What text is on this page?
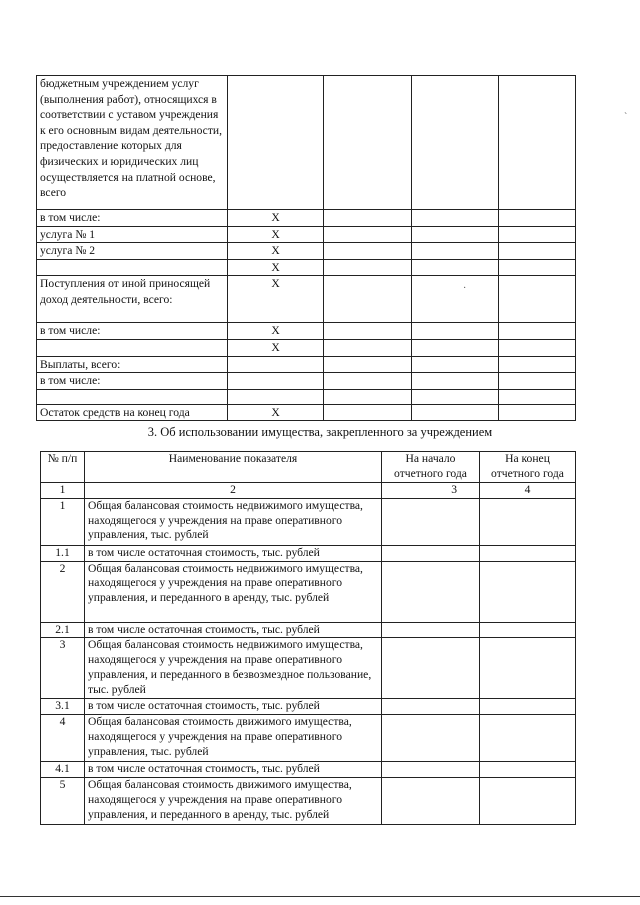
бюджетным учреждением услуг (выполнения работ), относящихся в соответствии с уставом учреждения к его основным видам деятельности, предоставление которых для физических и юридических лиц осуществляется на платной основе, всего				
в том числе:	X			
услуга № 1	X			
услуга № 2	X			
	X			
Поступления от иной приносящей доход деятельности, всего:	X			
в том числе:	X			
	X			
Выплаты, всего:				
в том числе:				

Остаток средств на конец года	X			
3. Об использовании имущества, закрепленного за учреждением
№ п/п	Наименование показателя	На начало отчетного года	На конец отчетного года
1	2	3	4
1	Общая балансовая стоимость недвижимого имущества, находящегося у учреждения на праве оперативного управления, тыс. рублей		
1.1	в том числе остаточная стоимость, тыс. рублей		
2	Общая балансовая стоимость недвижимого имущества, находящегося у учреждения на праве оперативного управления, и переданного в аренду, тыс. рублей		
2.1	в том числе остаточная стоимость, тыс. рублей		
3	Общая балансовая стоимость недвижимого имущества, находящегося у учреждения на праве оперативного управления, и переданного в безвозмездное пользование, тыс. рублей		
3.1	в том числе остаточная стоимость, тыс. рублей		
4	Общая балансовая стоимость движимого имущества, находящегося у учреждения на праве оперативного управления, тыс. рублей		
4.1	в том числе остаточная стоимость, тыс. рублей		
5	Общая балансовая стоимость движимого имущества, находящегося у учреждения на праве оперативного управления, и переданного в аренду, тыс. рублей		
`
·
